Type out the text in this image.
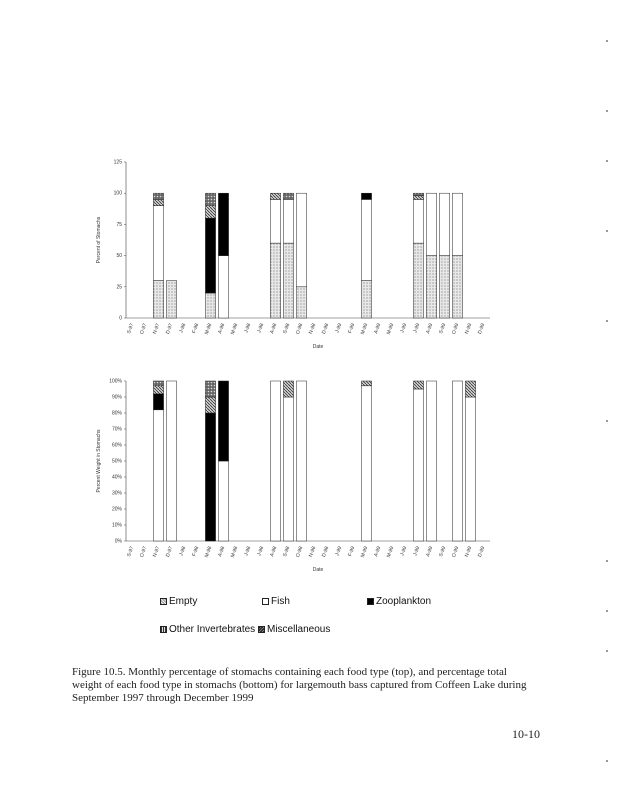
0
25
50
75
100
125
S-97 O-97 N-97 D-97 J-98 F-98 M-98 A-98 M-98 J-98 J-98 A-98 S-98 O-98 N-98 D-98 J-99 F-99 M-99 A-99 M-99 J-99 J-99 A-99 S-99 O-99 N-99 D-99
Date
Percent of Stomachs
0%
10%
20%
30%
40%
50%
60%
70%
80%
90%
100%
S-97 O-97 N-97 D-97 J-98 F-98 M-98 A-98 M-98 J-98 J-98 A-98 S-98 O-98 N-98 D-98 J-99 F-99 M-99 A-99 M-99 J-99 J-99 A-99 S-99 O-99 N-99 D-99
Date
Percent Weight in Stomachs
Empty	Fish	Zooplankton
Other Invertebrates Miscellaneous
Figure 10.5. Monthly percentage of stomachs containing each food type (top), and percentage total weight of each food type in stomachs (bottom) for largemouth bass captured from Coffeen Lake during September 1997 through December 1999
10-10
